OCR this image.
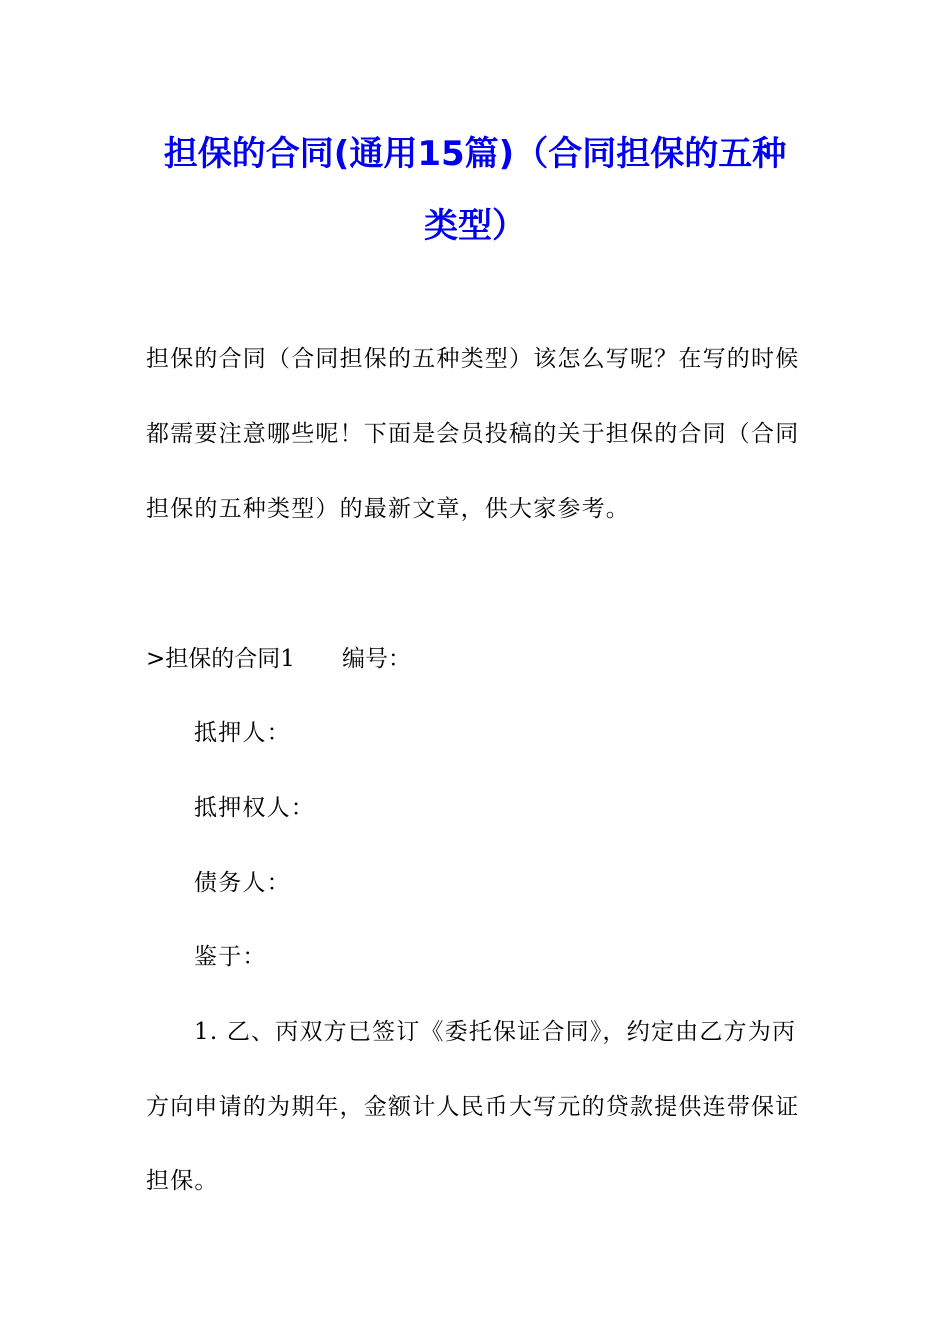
担保的合同(通用15篇)（合同担保的五种
类型）
担保的合同（合同担保的五种类型）该怎么写呢？在写的时候
都需要注意哪些呢！下面是会员投稿的关于担保的合同（合同
担保的五种类型）的最新文章，供大家参考。
>担保的合同1 编号：
抵押人：
抵押权人：
债务人：
鉴于：
1. 乙、丙双方已签订《委托保证合同》，约定由乙方为丙
方向申请的为期年，金额计人民币大写元的贷款提供连带保证
担保。
